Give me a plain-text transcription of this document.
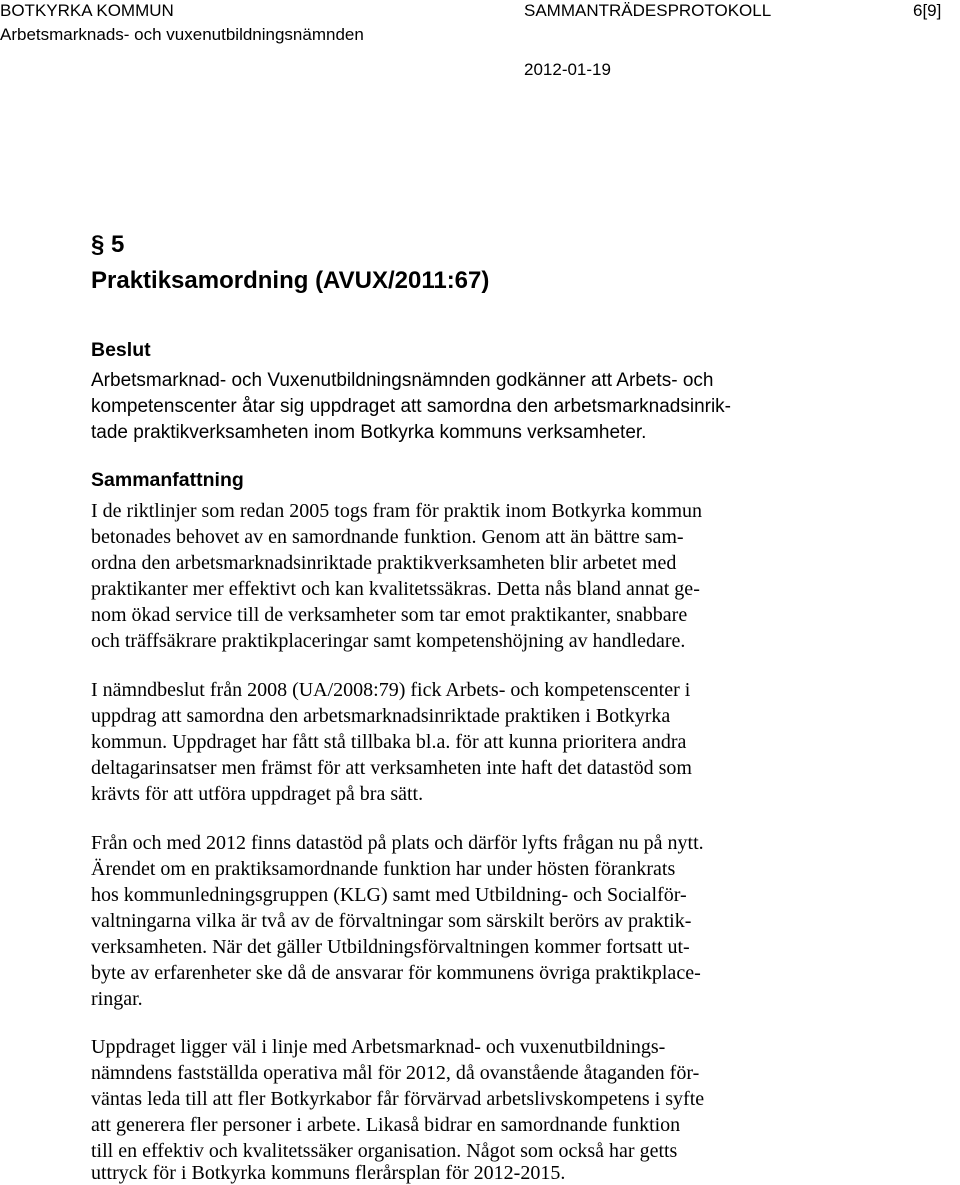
BOTKYRKA KOMMUN
Arbetsmarknads- och vuxenutbildningsnämnden
SAMMANTRÄDESPROTOKOLL	6[9]
2012-01-19
§ 5
Praktiksamordning (AVUX/2011:67)
Beslut
Arbetsmarknad- och Vuxenutbildningsnämnden godkänner att Arbets- och
kompetenscenter åtar sig uppdraget att samordna den arbetsmarknadsinrik-
tade praktikverksamheten inom Botkyrka kommuns verksamheter.
Sammanfattning
I de riktlinjer som redan 2005 togs fram för praktik inom Botkyrka kommun
betonades behovet av en samordnande funktion. Genom att än bättre sam-
ordna den arbetsmarknadsinriktade praktikverksamheten blir arbetet med
praktikanter mer effektivt och kan kvalitetssäkras. Detta nås bland annat ge-
nom ökad service till de verksamheter som tar emot praktikanter, snabbare
och träffsäkrare praktikplaceringar samt kompetenshöjning av handledare.
I nämndbeslut från 2008 (UA/2008:79) fick Arbets- och kompetenscenter i
uppdrag att samordna den arbetsmarknadsinriktade praktiken i Botkyrka
kommun. Uppdraget har fått stå tillbaka bl.a. för att kunna prioritera andra
deltagarinsatser men främst för att verksamheten inte haft det datastöd som
krävts för att utföra uppdraget på bra sätt.
Från och med 2012 finns datastöd på plats och därför lyfts frågan nu på nytt.
Ärendet om en praktiksamordnande funktion har under hösten förankrats
hos kommunledningsgruppen (KLG) samt med Utbildning- och Socialför-
valtningarna vilka är två av de förvaltningar som särskilt berörs av praktik-
verksamheten. När det gäller Utbildningsförvaltningen kommer fortsatt ut-
byte av erfarenheter ske då de ansvarar för kommunens övriga praktikplace-
ringar.
Uppdraget ligger väl i linje med Arbetsmarknad- och vuxenutbildnings-
nämndens fastställda operativa mål för 2012, då ovanstående åtaganden för-
väntas leda till att fler Botkyrkabor får förvärvad arbetslivskompetens i syfte
att generera fler personer i arbete. Likaså bidrar en samordnande funktion
till en effektiv och kvalitetssäker organisation. Något som också har getts
uttryck för i Botkyrka kommuns flerårsplan för 2012-2015.
